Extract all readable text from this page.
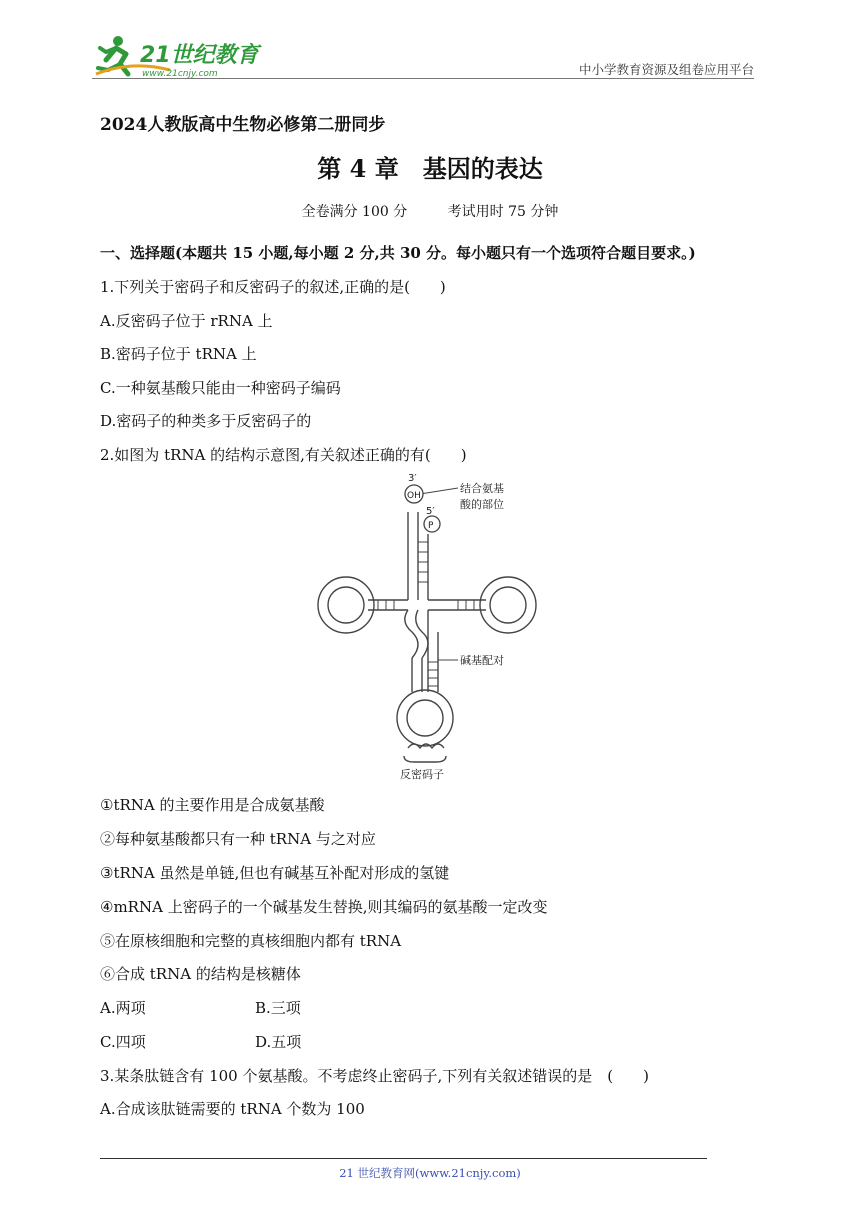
21世纪教育
www.21cnjy.com	中小学教育资源及组卷应用平台
2024人教版高中生物必修第二册同步
第 4 章　基因的表达
全卷满分 100 分	考试用时 75 分钟
一、选择题(本题共 15 小题,每小题 2 分,共 30 分。每小题只有一个选项符合题目要求。)
1.下列关于密码子和反密码子的叙述,正确的是(　　)
A.反密码子位于 rRNA 上
B.密码子位于 tRNA 上
C.一种氨基酸只能由一种密码子编码
D.密码子的种类多于反密码子的
2.如图为 tRNA 的结构示意图,有关叙述正确的有(　　)
3′
OH
5′
P
结合氨基
酸的部位
碱基配对
反密码子
①tRNA 的主要作用是合成氨基酸
②每种氨基酸都只有一种 tRNA 与之对应
③tRNA 虽然是单链,但也有碱基互补配对形成的氢键
④mRNA 上密码子的一个碱基发生替换,则其编码的氨基酸一定改变
⑤在原核细胞和完整的真核细胞内都有 tRNA
⑥合成 tRNA 的结构是核糖体
A.两项	B.三项
C.四项	D.五项
3.某条肽链含有 100 个氨基酸。不考虑终止密码子,下列有关叙述错误的是　(　　)
A.合成该肽链需要的 tRNA 个数为 100
21 世纪教育网(www.21cnjy.com)
